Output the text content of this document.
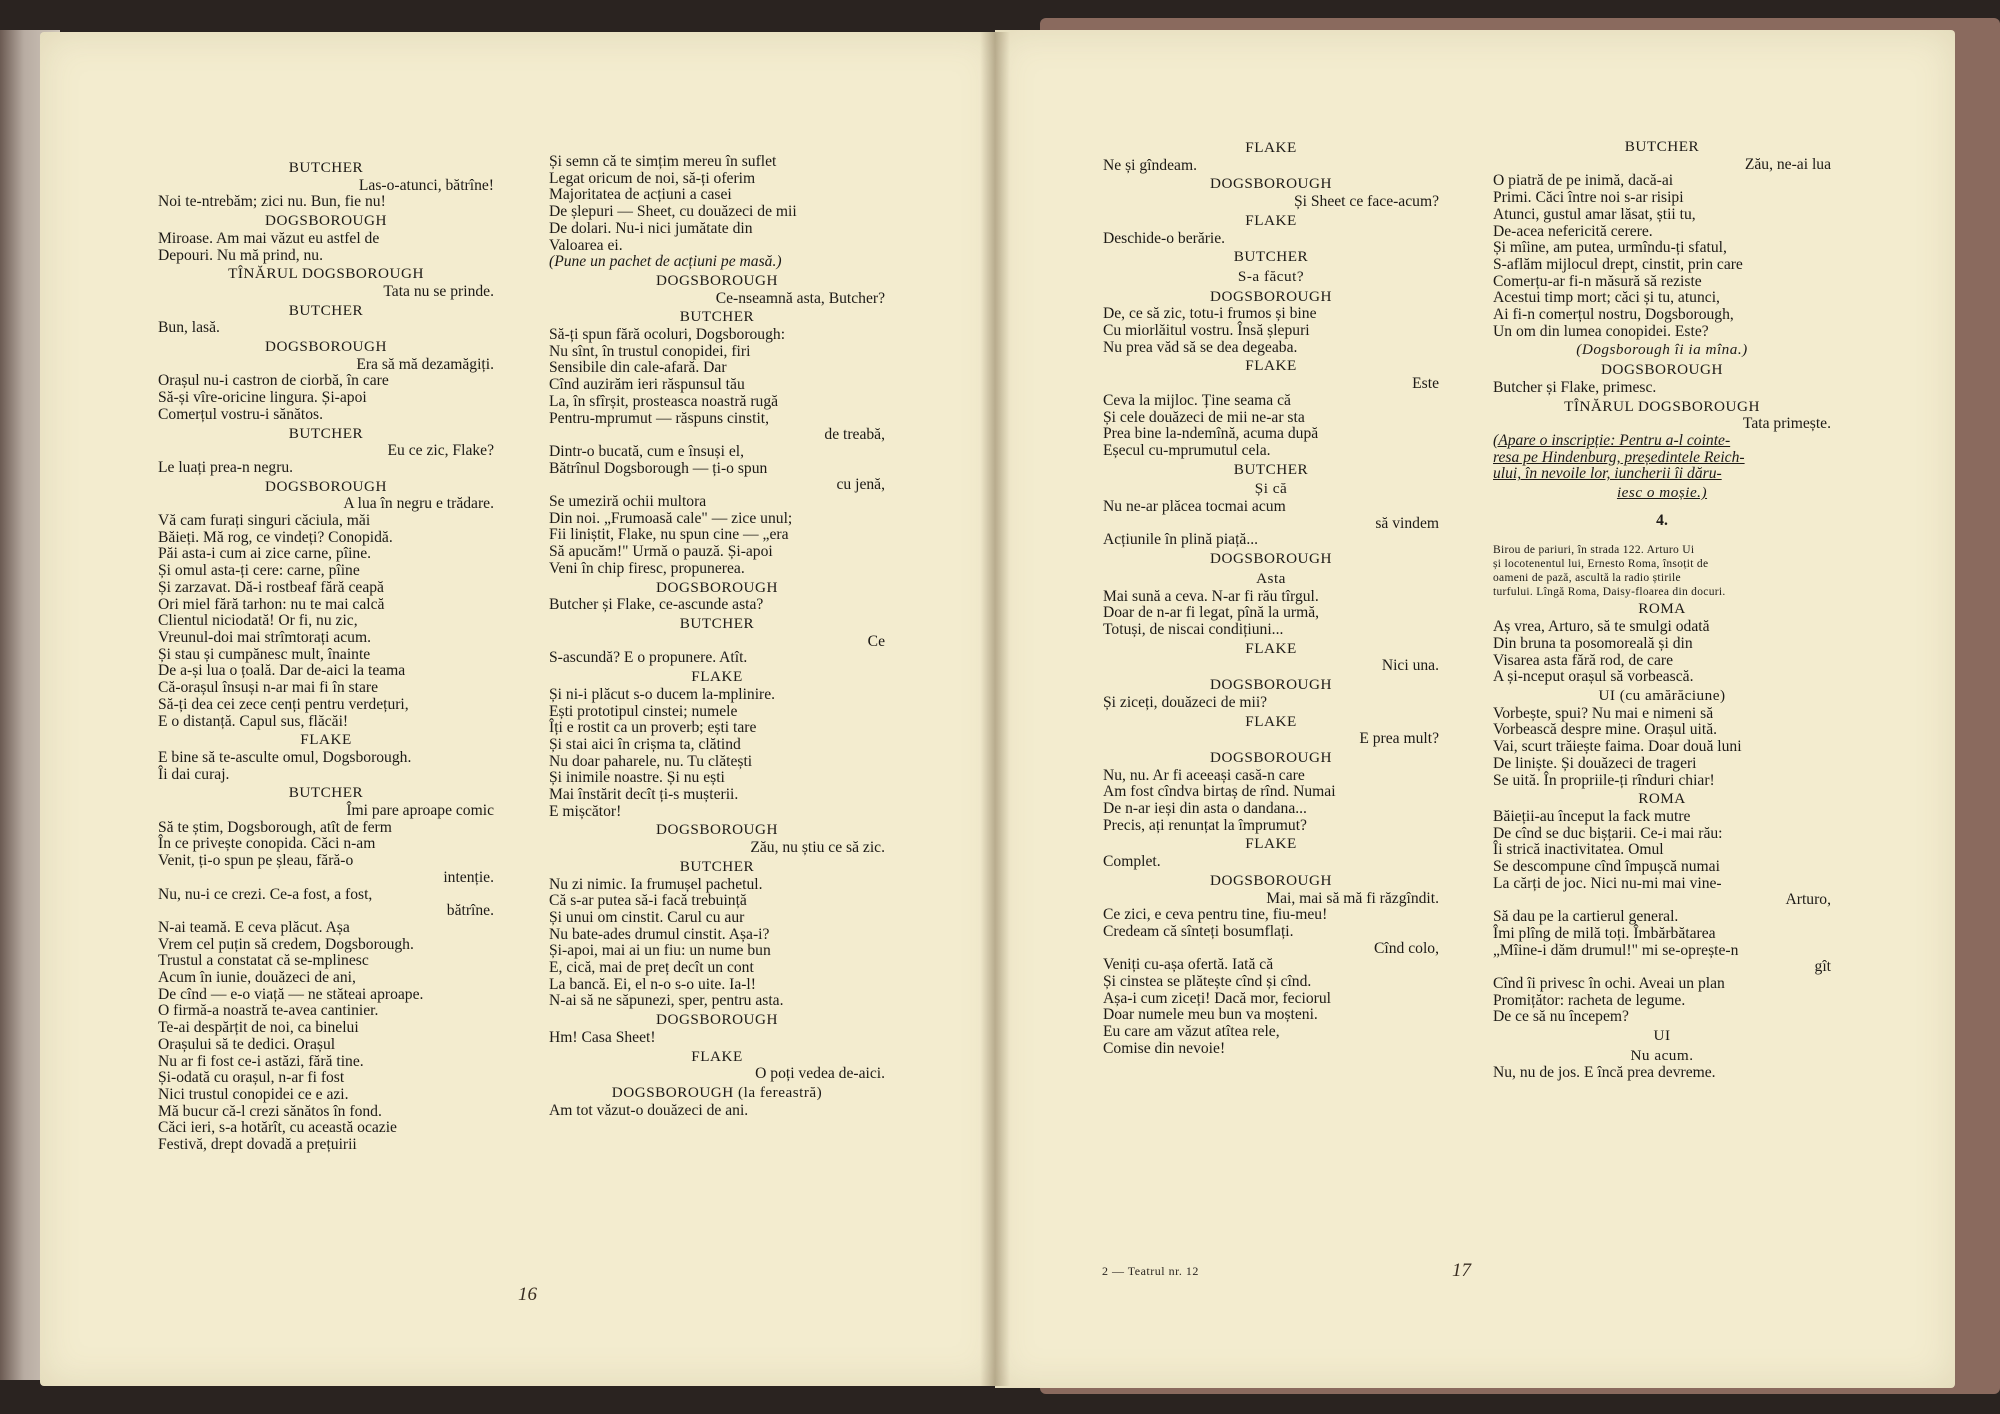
BUTCHER
Las-o-atunci, bătrîne!
Noi te-ntrebăm; zici nu. Bun, fie nu!
DOGSBOROUGH
Miroase. Am mai văzut eu astfel de
Depouri. Nu mă prind, nu.
TÎNĂRUL DOGSBOROUGH
Tata nu se prinde.
BUTCHER
Bun, lasă.
DOGSBOROUGH
Era să mă dezamăgiți.
Orașul nu-i castron de ciorbă, în care
Să-și vîre-oricine lingura. Și-apoi
Comerțul vostru-i sănătos.
BUTCHER
Eu ce zic, Flake?
Le luați prea-n negru.
DOGSBOROUGH
A lua în negru e trădare.
Vă cam furați singuri căciula, măi
Băieți. Mă rog, ce vindeți? Conopidă.
Păi asta-i cum ai zice carne, pîine.
Și omul asta-ți cere: carne, pîine
Și zarzavat. Dă-i rostbeaf fără ceapă
Ori miel fără tarhon: nu te mai calcă
Clientul niciodată! Or fi, nu zic,
Vreunul-doi mai strîmtorați acum.
Și stau și cumpănesc mult, înainte
De a-și lua o țoală. Dar de-aici la teama
Că-orașul însuși n-ar mai fi în stare
Să-ți dea cei zece cenți pentru verdețuri,
E o distanță. Capul sus, flăcăi!
FLAKE
E bine să te-asculte omul, Dogsborough.
Îi dai curaj.
BUTCHER
Îmi pare aproape comic
Să te știm, Dogsborough, atît de ferm
În ce privește conopida. Căci n-am
Venit, ți-o spun pe șleau, fără-o
intenție.
Nu, nu-i ce crezi. Ce-a fost, a fost,
bătrîne.
N-ai teamă. E ceva plăcut. Așa
Vrem cel puțin să credem, Dogsborough.
Trustul a constatat că se-mplinesc
Acum în iunie, douăzeci de ani,
De cînd — e-o viață — ne stăteai aproape.
O firmă-a noastră te-avea cantinier.
Te-ai despărțit de noi, ca binelui
Orașului să te dedici. Orașul
Nu ar fi fost ce-i astăzi, fără tine.
Și-odată cu orașul, n-ar fi fost
Nici trustul conopidei ce e azi.
Mă bucur că-l crezi sănătos în fond.
Căci ieri, s-a hotărît, cu această ocazie
Festivă, drept dovadă a prețuirii
Și semn că te simțim mereu în suflet
Legat oricum de noi, să-ți oferim
Majoritatea de acțiuni a casei
De șlepuri — Sheet, cu douăzeci de mii
De dolari. Nu-i nici jumătate din
Valoarea ei.
(Pune un pachet de acțiuni pe masă.)
DOGSBOROUGH
Ce-nseamnă asta, Butcher?
BUTCHER
Să-ți spun fără ocoluri, Dogsborough:
Nu sînt, în trustul conopidei, firi
Sensibile din cale-afară. Dar
Cînd auzirăm ieri răspunsul tău
La, în sfîrșit, prosteasca noastră rugă
Pentru-mprumut — răspuns cinstit,
de treabă,
Dintr-o bucată, cum e însuși el,
Bătrînul Dogsborough — ți-o spun
cu jenă,
Se umeziră ochii multora
Din noi. „Frumoasă cale" — zice unul;
Fii liniștit, Flake, nu spun cine — „era
Să apucăm!" Urmă o pauză. Și-apoi
Veni în chip firesc, propunerea.
DOGSBOROUGH
Butcher și Flake, ce-ascunde asta?
BUTCHER
Ce
S-ascundă? E o propunere. Atît.
FLAKE
Și ni-i plăcut s-o ducem la-mplinire.
Ești prototipul cinstei; numele
Îți e rostit ca un proverb; ești tare
Și stai aici în crișma ta, clătind
Nu doar paharele, nu. Tu clătești
Și inimile noastre. Și nu ești
Mai înstărit decît ți-s mușterii.
E mișcător!
DOGSBOROUGH
Zău, nu știu ce să zic.
BUTCHER
Nu zi nimic. Ia frumușel pachetul.
Că s-ar putea să-i facă trebuință
Și unui om cinstit. Carul cu aur
Nu bate-ades drumul cinstit. Așa-i?
Și-apoi, mai ai un fiu: un nume bun
E, cică, mai de preț decît un cont
La bancă. Ei, el n-o s-o uite. Ia-l!
N-ai să ne săpunezi, sper, pentru asta.
DOGSBOROUGH
Hm! Casa Sheet!
FLAKE
O poți vedea de-aici.
DOGSBOROUGH (la fereastră)
Am tot văzut-o douăzeci de ani.
FLAKE
Ne și gîndeam.
DOGSBOROUGH
Și Sheet ce face-acum?
FLAKE
Deschide-o berărie.
BUTCHER
S-a făcut?
DOGSBOROUGH
De, ce să zic, totu-i frumos și bine
Cu miorlăitul vostru. Însă șlepuri
Nu prea văd să se dea degeaba.
FLAKE
Este
Ceva la mijloc. Ține seama că
Și cele douăzeci de mii ne-ar sta
Prea bine la-ndemînă, acuma după
Eșecul cu-mprumutul cela.
BUTCHER
Și că
Nu ne-ar plăcea tocmai acum
să vindem
Acțiunile în plină piață...
DOGSBOROUGH
Asta
Mai sună a ceva. N-ar fi rău tîrgul.
Doar de n-ar fi legat, pînă la urmă,
Totuși, de niscai condițiuni...
FLAKE
Nici una.
DOGSBOROUGH
Și ziceți, douăzeci de mii?
FLAKE
E prea mult?
DOGSBOROUGH
Nu, nu. Ar fi aceeași casă-n care
Am fost cîndva birtaș de rînd. Numai
De n-ar ieși din asta o dandana...
Precis, ați renunțat la împrumut?
FLAKE
Complet.
DOGSBOROUGH
Mai, mai să mă fi răzgîndit.
Ce zici, e ceva pentru tine, fiu-meu!
Credeam că sînteți bosumflați.
Cînd colo,
Veniți cu-așa ofertă. Iată că
Și cinstea se plătește cînd și cînd.
Așa-i cum ziceți! Dacă mor, feciorul
Doar numele meu bun va moșteni.
Eu care am văzut atîtea rele,
Comise din nevoie!
BUTCHER
Zău, ne-ai lua
O piatră de pe inimă, dacă-ai
Primi. Căci între noi s-ar risipi
Atunci, gustul amar lăsat, știi tu,
De-acea nefericită cerere.
Și mîine, am putea, urmîndu-ți sfatul,
S-aflăm mijlocul drept, cinstit, prin care
Comerțu-ar fi-n măsură să reziste
Acestui timp mort; căci și tu, atunci,
Ai fi-n comerțul nostru, Dogsborough,
Un om din lumea conopidei. Este?
(Dogsborough îi ia mîna.)
DOGSBOROUGH
Butcher și Flake, primesc.
TÎNĂRUL DOGSBOROUGH
Tata primește.
(Apare o inscripție: Pentru a-l cointe-
resa pe Hindenburg, președintele Reich-
ului, în nevoile lor, iuncherii îi dăru-
iesc o moșie.)
4.
Birou de pariuri, în strada 122. Arturo Ui
și locotenentul lui, Ernesto Roma, însoțit de
oameni de pază, ascultă la radio știrile
turfului. Lîngă Roma, Daisy-floarea din docuri.
ROMA
Aș vrea, Arturo, să te smulgi odată
Din bruna ta posomoreală și din
Visarea asta fără rod, de care
A și-nceput orașul să vorbească.
UI (cu amărăciune)
Vorbește, spui? Nu mai e nimeni să
Vorbească despre mine. Orașul uită.
Vai, scurt trăiește faima. Doar două luni
De liniște. Și douăzeci de trageri
Se uită. În propriile-ți rînduri chiar!
ROMA
Băieții-au început la fack mutre
De cînd se duc bișțarii. Ce-i mai rău:
Îi strică inactivitatea. Omul
Se descompune cînd împușcă numai
La cărți de joc. Nici nu-mi mai vine-
Arturo,
Să dau pe la cartierul general.
Îmi plîng de milă toți. Îmbărbătarea
„Mîine-i dăm drumul!" mi se-oprește-n
gît
Cînd îi privesc în ochi. Aveai un plan
Promițător: racheta de legume.
De ce să nu începem?
UI
Nu acum.
Nu, nu de jos. E încă prea devreme.
16
17
2 — Teatrul nr. 12
